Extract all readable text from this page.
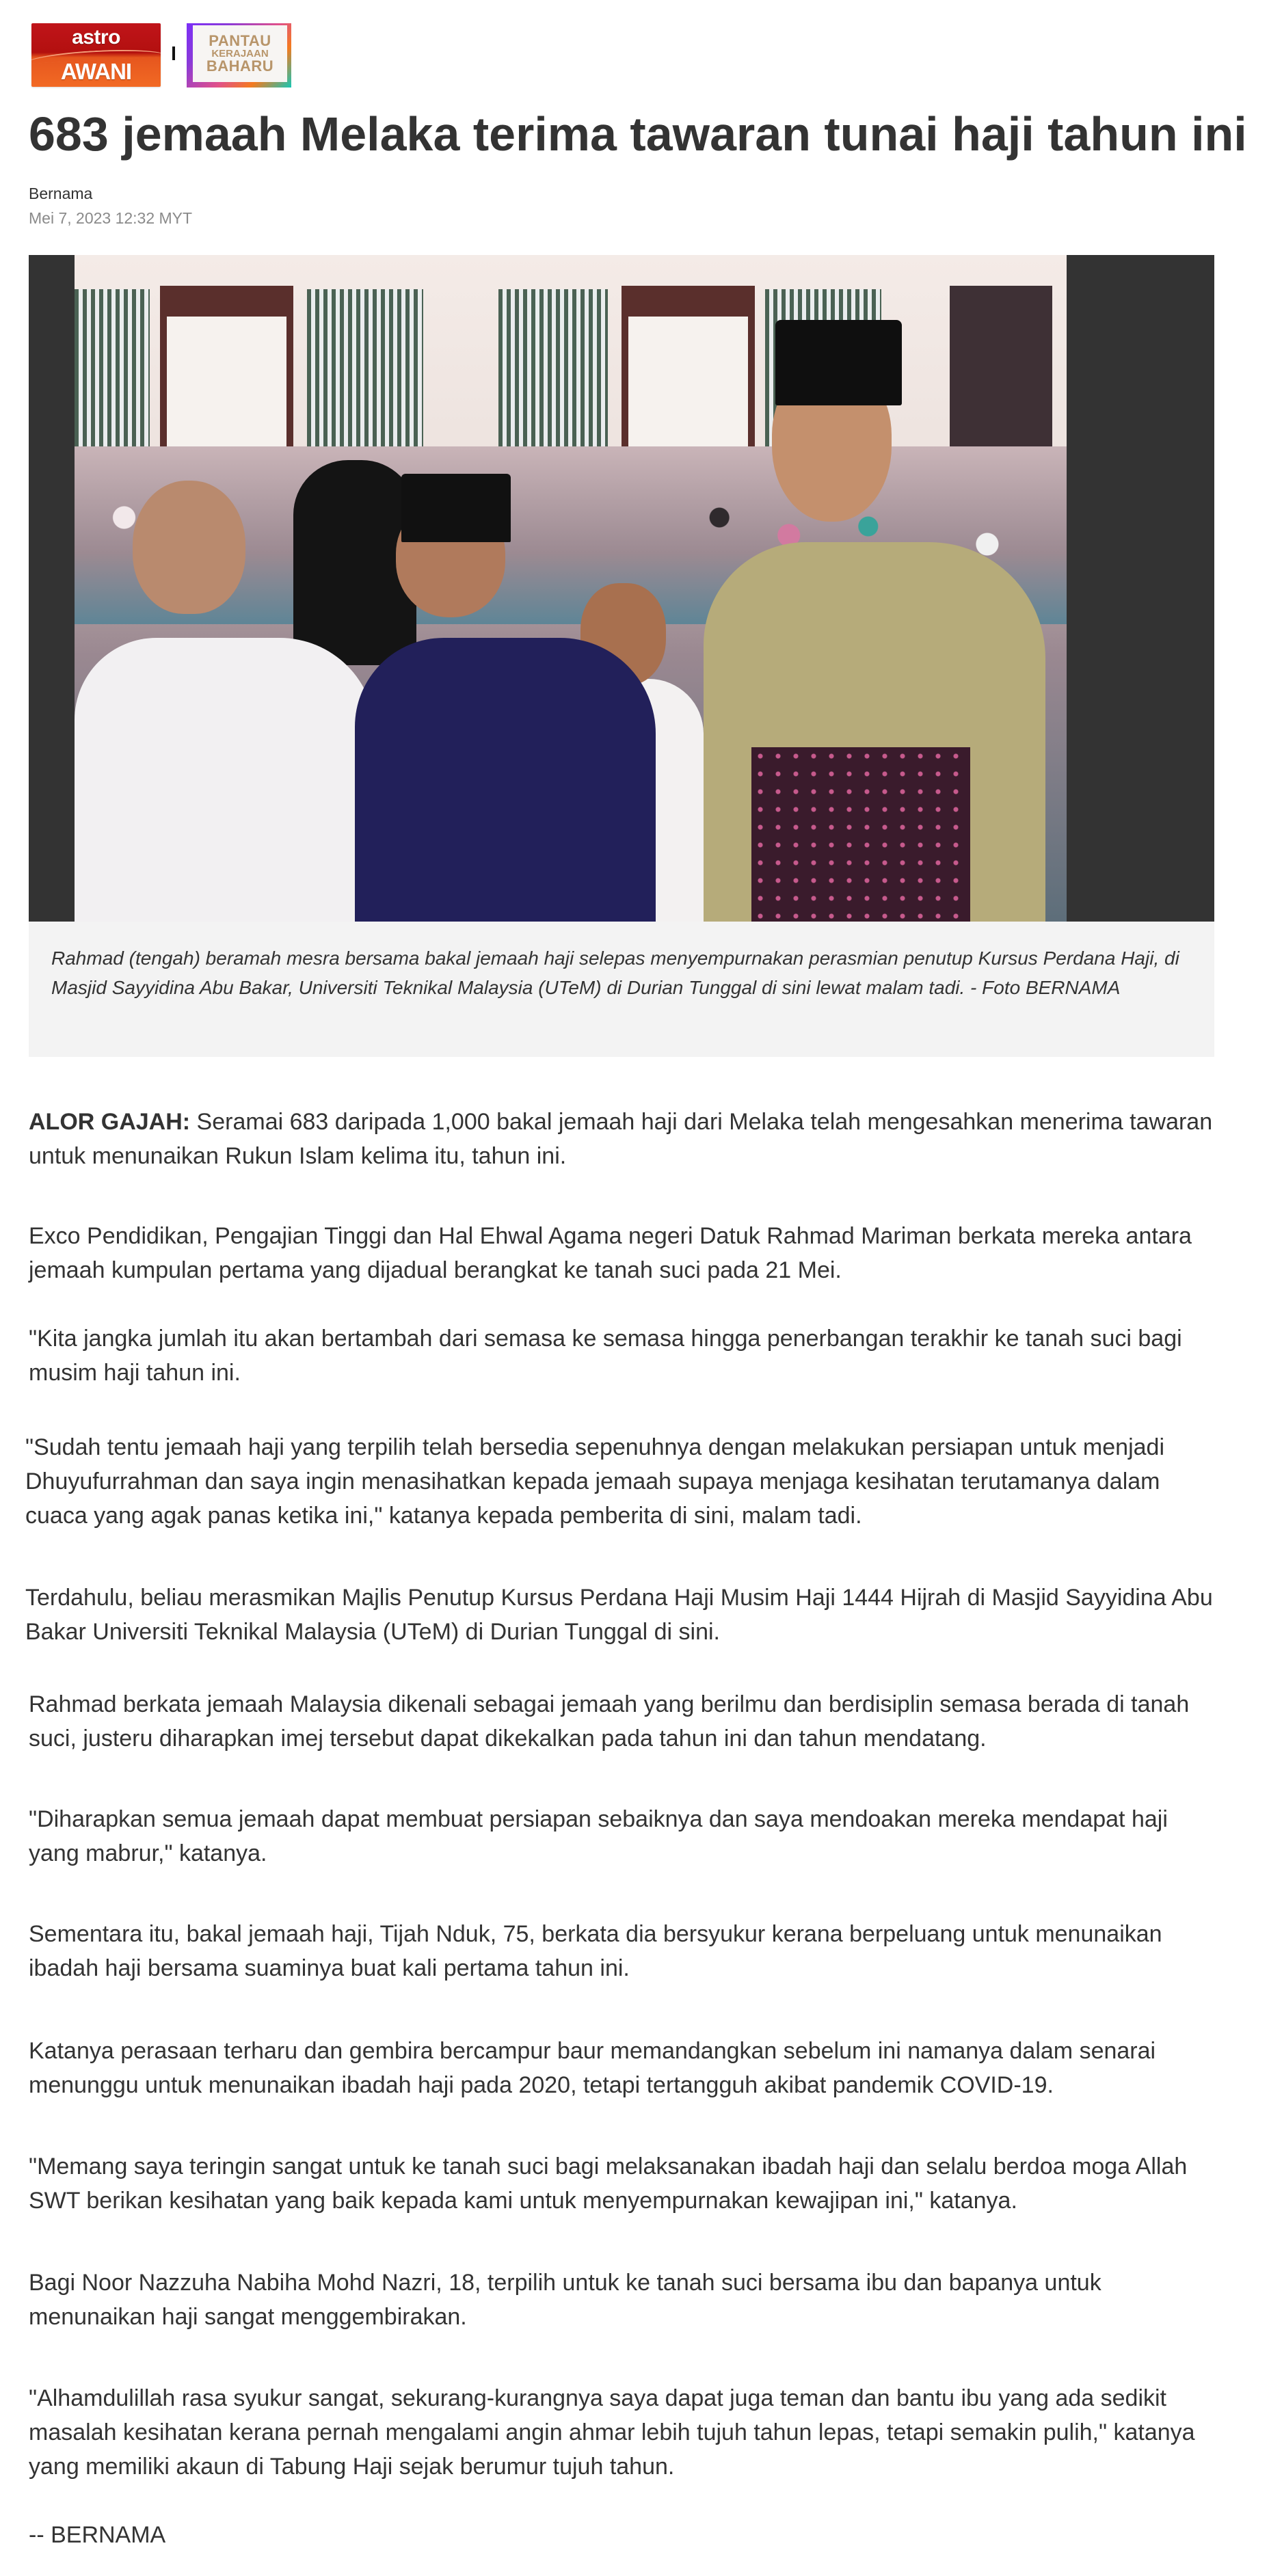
astro
AWANI
PANTAU
KERAJAAN
BAHARU
683 jemaah Melaka terima tawaran tunai haji tahun ini
Bernama
Mei 7, 2023 12:32 MYT

Rahmad (tengah) beramah mesra bersama bakal jemaah haji selepas menyempurnakan perasmian penutup Kursus Perdana Haji, di Masjid Sayyidina Abu Bakar, Universiti Teknikal Malaysia (UTeM) di Durian Tunggal di sini lewat malam tadi. - Foto BERNAMA

ALOR GAJAH: Seramai 683 daripada 1,000 bakal jemaah haji dari Melaka telah mengesahkan menerima tawaran untuk menunaikan Rukun Islam kelima itu, tahun ini.

Exco Pendidikan, Pengajian Tinggi dan Hal Ehwal Agama negeri Datuk Rahmad Mariman berkata mereka antara jemaah kumpulan pertama yang dijadual berangkat ke tanah suci pada 21 Mei.

"Kita jangka jumlah itu akan bertambah dari semasa ke semasa hingga penerbangan terakhir ke tanah suci bagi musim haji tahun ini.

"Sudah tentu jemaah haji yang terpilih telah bersedia sepenuhnya dengan melakukan persiapan untuk menjadi Dhuyufurrahman dan saya ingin menasihatkan kepada jemaah supaya menjaga kesihatan terutamanya dalam cuaca yang agak panas ketika ini," katanya kepada pemberita di sini, malam tadi.

Terdahulu, beliau merasmikan Majlis Penutup Kursus Perdana Haji Musim Haji 1444 Hijrah di Masjid Sayyidina Abu Bakar Universiti Teknikal Malaysia (UTeM) di Durian Tunggal di sini.

Rahmad berkata jemaah Malaysia dikenali sebagai jemaah yang berilmu dan berdisiplin semasa berada di tanah suci, justeru diharapkan imej tersebut dapat dikekalkan pada tahun ini dan tahun mendatang.

"Diharapkan semua jemaah dapat membuat persiapan sebaiknya dan saya mendoakan mereka mendapat haji yang mabrur," katanya.

Sementara itu, bakal jemaah haji, Tijah Nduk, 75, berkata dia bersyukur kerana berpeluang untuk menunaikan ibadah haji bersama suaminya buat kali pertama tahun ini.

Katanya perasaan terharu dan gembira bercampur baur memandangkan sebelum ini namanya dalam senarai menunggu untuk menunaikan ibadah haji pada 2020, tetapi tertangguh akibat pandemik COVID-19.

"Memang saya teringin sangat untuk ke tanah suci bagi melaksanakan ibadah haji dan selalu berdoa moga Allah SWT berikan kesihatan yang baik kepada kami untuk menyempurnakan kewajipan ini," katanya.

Bagi Noor Nazzuha Nabiha Mohd Nazri, 18, terpilih untuk ke tanah suci bersama ibu dan bapanya untuk menunaikan haji sangat menggembirakan.

"Alhamdulillah rasa syukur sangat, sekurang-kurangnya saya dapat juga teman dan bantu ibu yang ada sedikit masalah kesihatan kerana pernah mengalami angin ahmar lebih tujuh tahun lepas, tetapi semakin pulih," katanya yang memiliki akaun di Tabung Haji sejak berumur tujuh tahun.

-- BERNAMA
